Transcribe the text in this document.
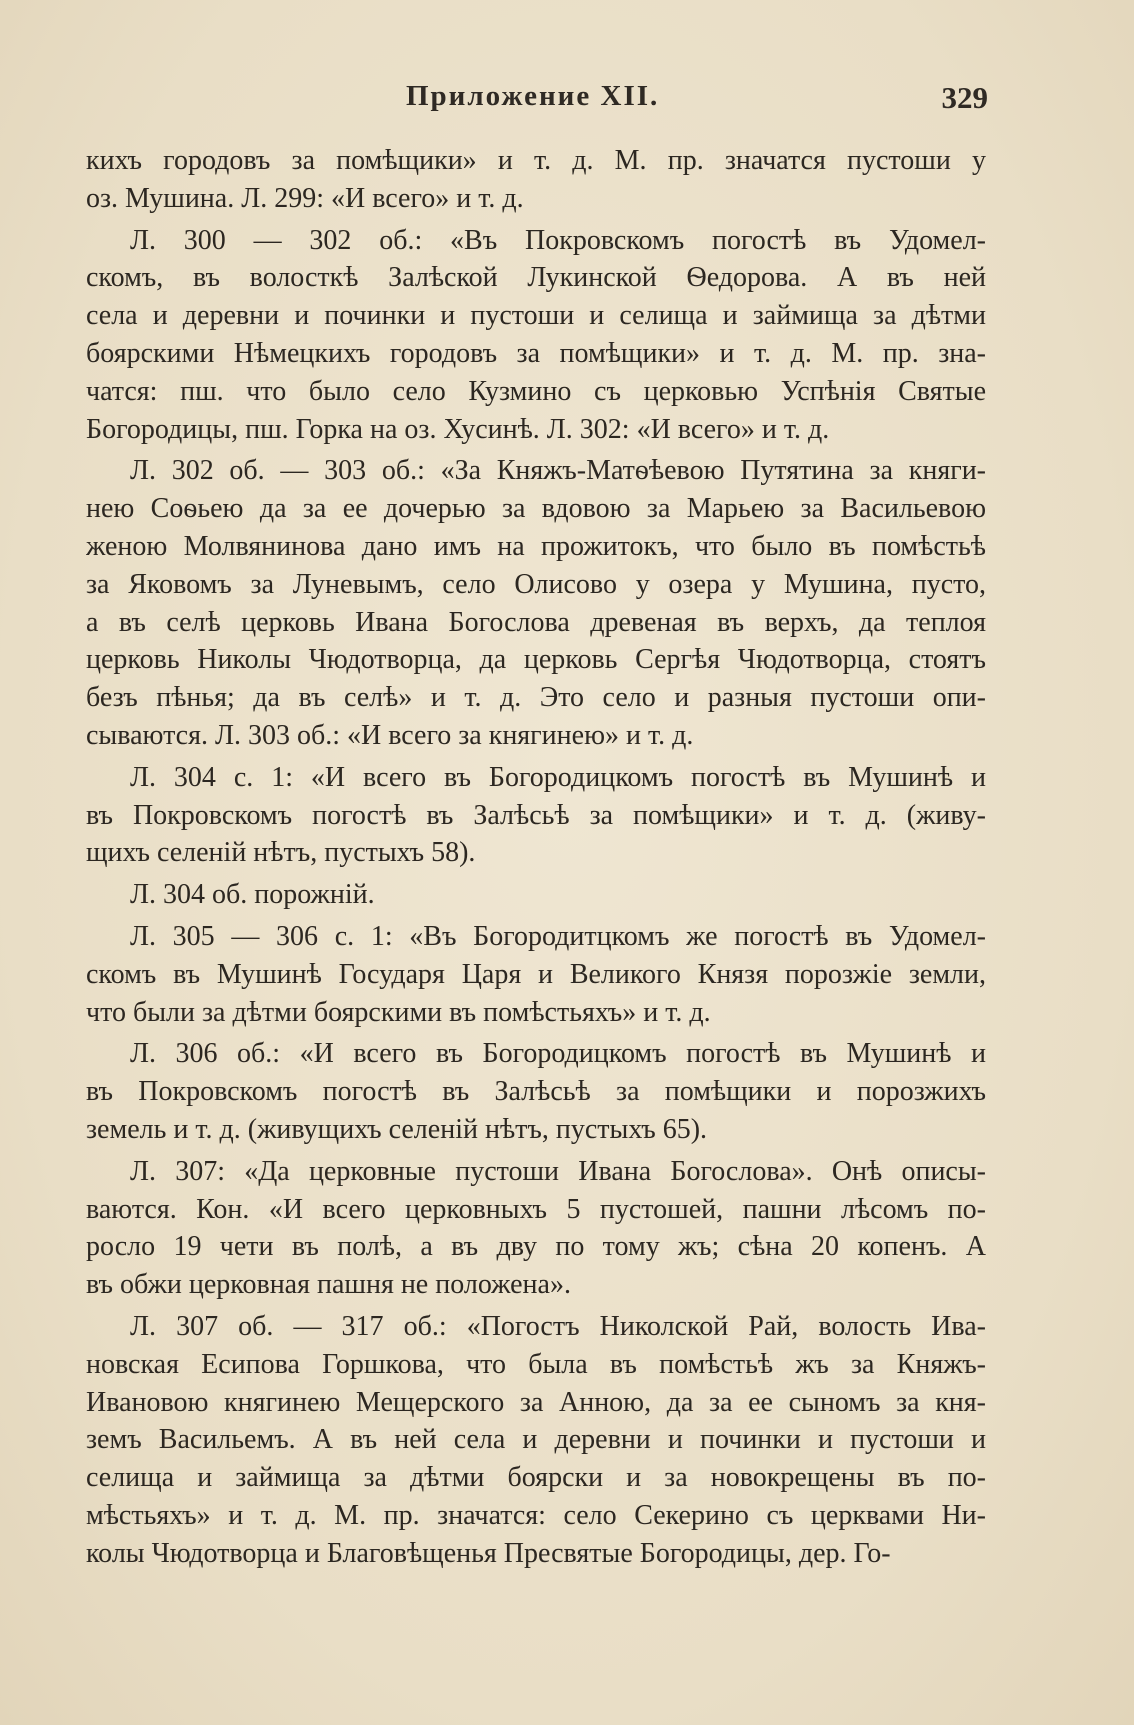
Приложение XII.	329
кихъ городовъ за помѣщики» и т. д. М. пр. значатся пустоши у
оз. Мушина. Л. 299: «И всего» и т. д.
Л. 300 — 302 об.: «Въ Покровскомъ погостѣ въ Удомел-
скомъ, въ волосткѣ Залѣской Лукинской Ѳедорова. А въ ней
села и деревни и починки и пустоши и селища и займища за дѣтми
боярскими Нѣмецкихъ городовъ за помѣщики» и т. д. М. пр. зна-
чатся: пш. что было село Кузмино съ церковью Успѣнія Святые
Богородицы, пш. Горка на оз. Хусинѣ. Л. 302: «И всего» и т. д.
Л. 302 об. — 303 об.: «За Княжъ-Матѳѣевою Путятина за княги-
нею Соѳьею да за ее дочерью за вдовою за Марьею за Васильевою
женою Молвянинова дано имъ на прожитокъ, что было въ помѣстьѣ
за Яковомъ за Луневымъ, село Олисово у озера у Мушина, пусто,
а въ селѣ церковь Ивана Богослова древеная въ верхъ, да теплоя
церковь Николы Чюдотворца, да церковь Сергѣя Чюдотворца, стоятъ
безъ пѣнья; да въ селѣ» и т. д. Это село и разныя пустоши опи-
сываются. Л. 303 об.: «И всего за княгинею» и т. д.
Л. 304 с. 1: «И всего въ Богородицкомъ погостѣ въ Мушинѣ и
въ Покровскомъ погостѣ въ Залѣсьѣ за помѣщики» и т. д. (живу-
щихъ селенiй нѣтъ, пустыхъ 58).
Л. 304 об. порожнiй.
Л. 305 — 306 с. 1: «Въ Богородитцкомъ же погостѣ въ Удомел-
скомъ въ Мушинѣ Государя Царя и Великого Князя порозжiе земли,
что были за дѣтми боярскими въ помѣстьяхъ» и т. д.
Л. 306 об.: «И всего въ Богородицкомъ погостѣ въ Мушинѣ и
въ Покровскомъ погостѣ въ Залѣсьѣ за помѣщики и порозжихъ
земель и т. д. (живущихъ селенiй нѣтъ, пустыхъ 65).
Л. 307: «Да церковные пустоши Ивана Богослова». Онѣ описы-
ваются. Кон. «И всего церковныхъ 5 пустошей, пашни лѣсомъ по-
росло 19 чети въ полѣ, а въ дву по тому жъ; сѣна 20 копенъ. А
въ обжи церковная пашня не положена».
Л. 307 об. — 317 об.: «Погостъ Николской Рай, волость Ива-
новская Есипова Горшкова, что была въ помѣстьѣ жъ за Княжъ-
Ивановою княгинею Мещерского за Анною, да за ее сыномъ за кня-
земъ Васильемъ. А въ ней села и деревни и починки и пустоши и
селища и займища за дѣтми боярски и за новокрещены въ по-
мѣстьяхъ» и т. д. М. пр. значатся: село Секерино съ церквами Ни-
колы Чюдотворца и Благовѣщенья Пресвятые Богородицы, дер. Го-
